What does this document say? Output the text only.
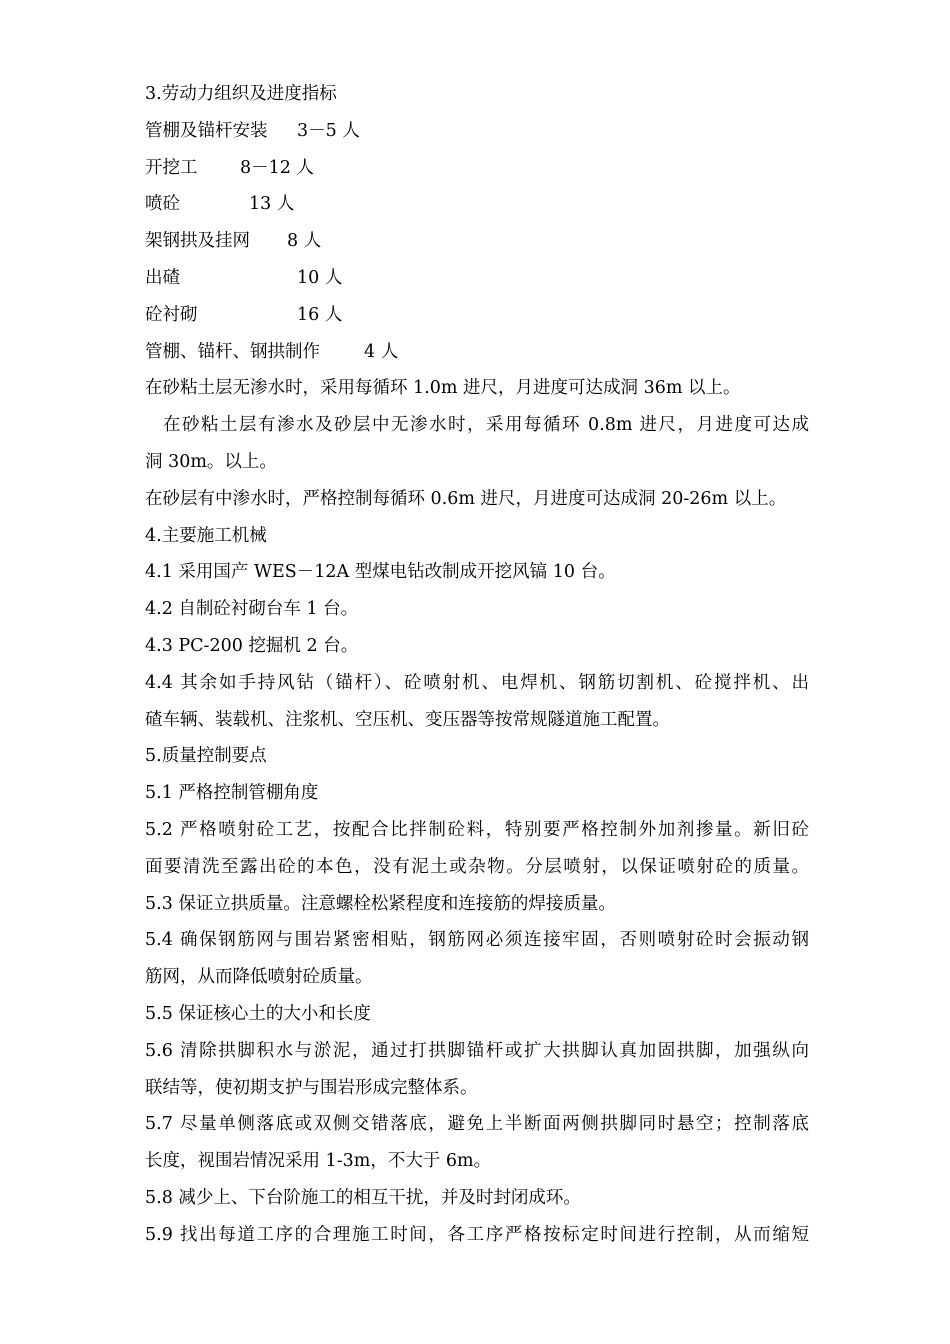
3.劳动力组织及进度指标
管棚及锚杆安装	3－5 人
开挖工	8－12 人
喷砼	13 人
架钢拱及挂网	8 人
出碴	10 人
砼衬砌	16 人
管棚、锚杆、钢拱制作	4 人
在砂粘土层无渗水时，采用每循环 1.0m 进尺，月进度可达成洞 36m 以上。
在砂粘土层有渗水及砂层中无渗水时，采用每循环 0.8m 进尺，月进度可达成
洞 30m。以上。
在砂层有中渗水时，严格控制每循环 0.6m 进尺，月进度可达成洞 20-26m 以上。
4.主要施工机械
4.1 采用国产 WES－12A 型煤电钻改制成开挖风镐 10 台。
4.2 自制砼衬砌台车 1 台。
4.3 PC-200 挖掘机 2 台。
4.4 其余如手持风钻（锚杆）、砼喷射机、电焊机、钢筋切割机、砼搅拌机、出
碴车辆、装载机、注浆机、空压机、变压器等按常规隧道施工配置。
5.质量控制要点
5.1 严格控制管棚角度
5.2 严格喷射砼工艺，按配合比拌制砼料，特别要严格控制外加剂掺量。新旧砼
面要清洗至露出砼的本色，没有泥土或杂物。分层喷射，以保证喷射砼的质量。
5.3 保证立拱质量。注意螺栓松紧程度和连接筋的焊接质量。
5.4 确保钢筋网与围岩紧密相贴，钢筋网必须连接牢固，否则喷射砼时会振动钢
筋网，从而降低喷射砼质量。
5.5 保证核心土的大小和长度
5.6 清除拱脚积水与淤泥，通过打拱脚锚杆或扩大拱脚认真加固拱脚，加强纵向
联结等，使初期支护与围岩形成完整体系。
5.7 尽量单侧落底或双侧交错落底，避免上半断面两侧拱脚同时悬空；控制落底
长度，视围岩情况采用 1-3m，不大于 6m。
5.8 减少上、下台阶施工的相互干扰，并及时封闭成环。
5.9 找出每道工序的合理施工时间，各工序严格按标定时间进行控制，从而缩短
